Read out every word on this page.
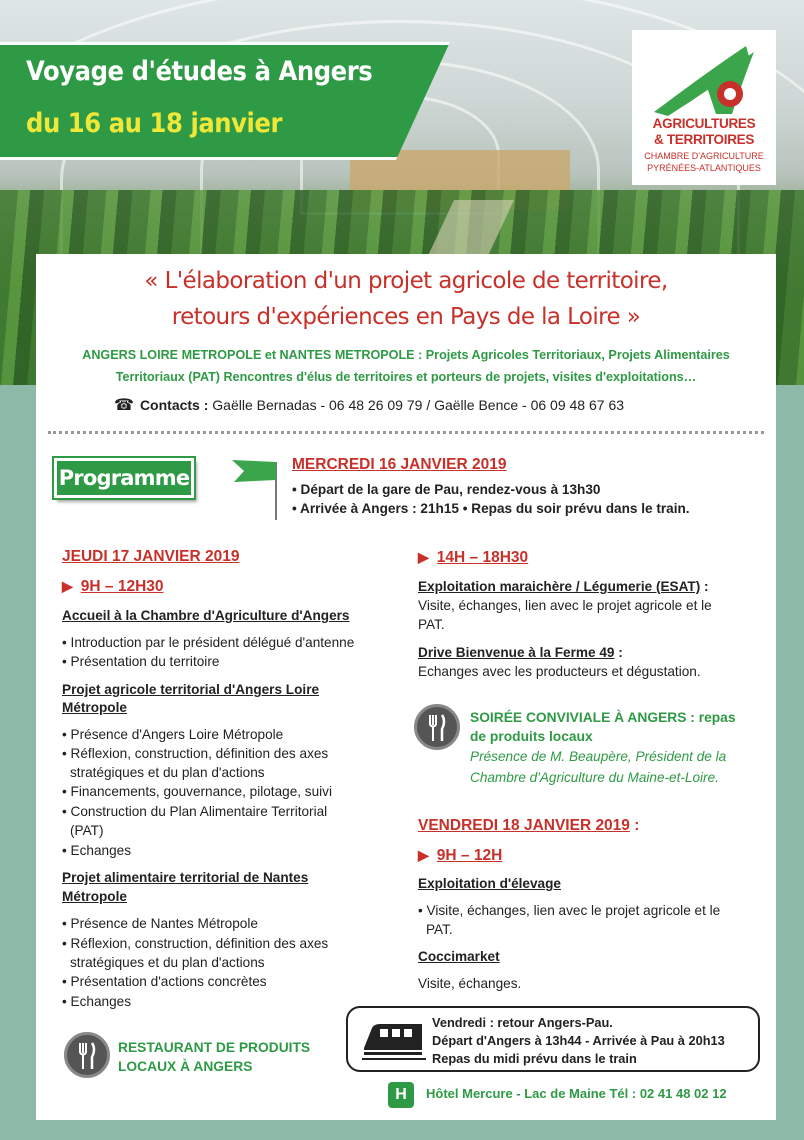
Voyage d'études à Angers
du 16 au 18 janvier	AGRICULTURES
& TERRITOIRES
CHAMBRE D'AGRICULTURE
PYRÉNÉES-ATLANTIQUES
« L'élaboration d'un projet agricole de territoire,
retours d'expériences en Pays de la Loire »
ANGERS LOIRE METROPOLE et NANTES METROPOLE : Projets Agricoles Territoriaux, Projets Alimentaires
Territoriaux (PAT) Rencontres d'élus de territoires et porteurs de projets, visites d'exploitations…
☎ Contacts : Gaëlle Bernadas - 06 48 26 09 79 / Gaëlle Bence - 06 09 48 67 63
Programme
MERCREDI 16 JANVIER 2019
• Départ de la gare de Pau, rendez-vous à 13h30
• Arrivée à Angers : 21h15 • Repas du soir prévu dans le train.
JEUDI 17 JANVIER 2019
▶ 9H – 12H30
Accueil à la Chambre d'Agriculture d'Angers
• Introduction par le président délégué d'antenne
• Présentation du territoire
Projet agricole territorial d'Angers Loire
Métropole
• Présence d'Angers Loire Métropole
• Réflexion, construction, définition des axes
stratégiques et du plan d'actions
• Financements, gouvernance, pilotage, suivi
• Construction du Plan Alimentaire Territorial
(PAT)
• Echanges
Projet alimentaire territorial de Nantes
Métropole
• Présence de Nantes Métropole
• Réflexion, construction, définition des axes
stratégiques et du plan d'actions
• Présentation d'actions concrètes
• Echanges
RESTAURANT DE PRODUITS
LOCAUX À ANGERS
▶ 14H – 18H30
Exploitation maraichère / Légumerie (ESAT) :
Visite, échanges, lien avec le projet agricole et le
PAT.
Drive Bienvenue à la Ferme 49 :
Echanges avec les producteurs et dégustation.
SOIRÉE CONVIVIALE À ANGERS : repas
de produits locaux
Présence de M. Beaupère, Président de la
Chambre d'Agriculture du Maine-et-Loire.
VENDREDI 18 JANVIER 2019 :
▶ 9H – 12H
Exploitation d'élevage
• Visite, échanges, lien avec le projet agricole et le
PAT.
Coccimarket
Visite, échanges.
Vendredi : retour Angers-Pau.
Départ d'Angers à 13h44 - Arrivée à Pau à 20h13
Repas du midi prévu dans le train
H	Hôtel Mercure - Lac de Maine Tél : 02 41 48 02 12
